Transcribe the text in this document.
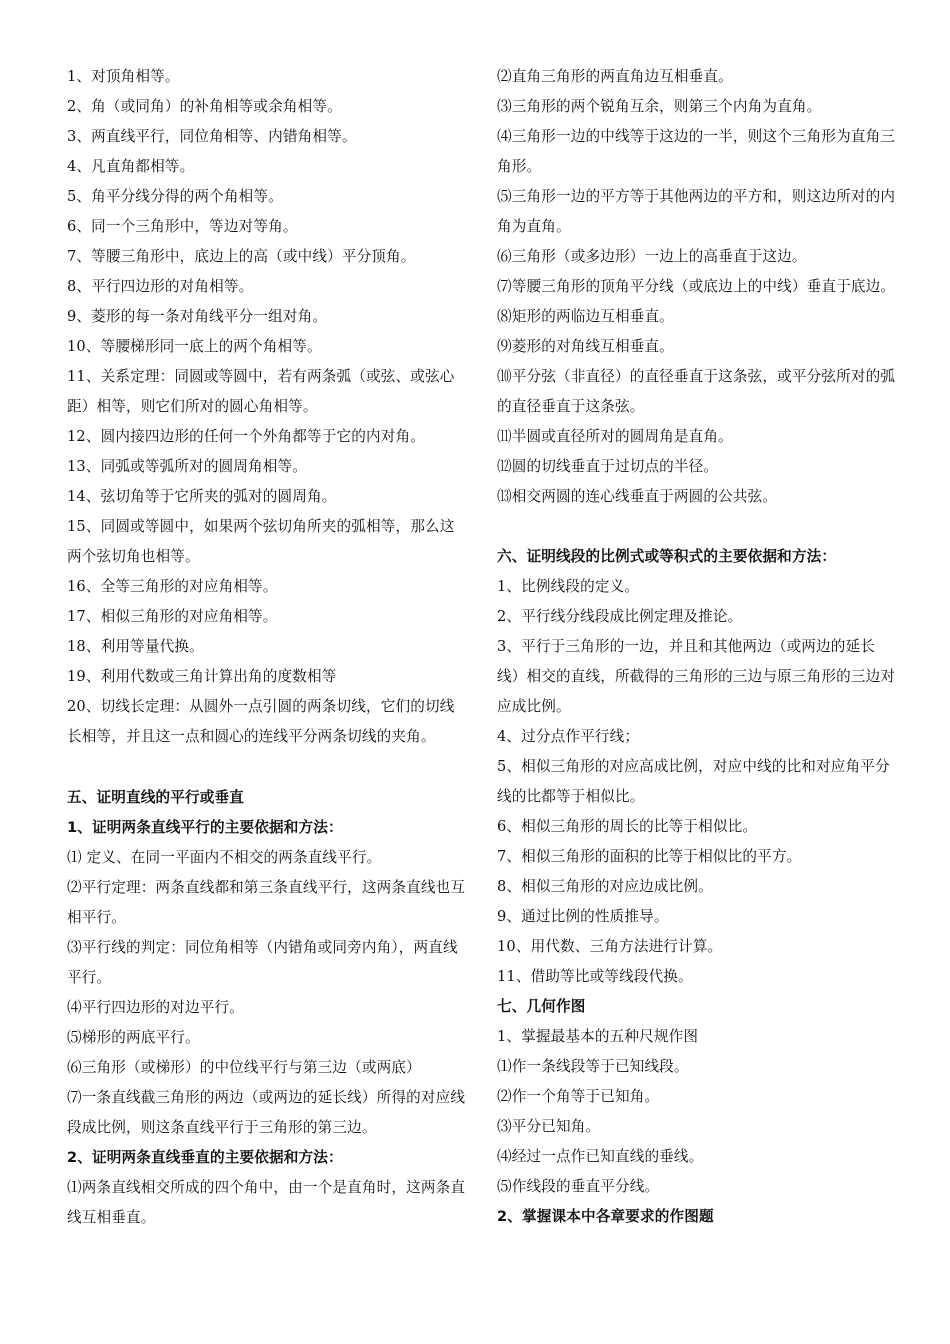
1、对顶角相等。

2、角（或同角）的补角相等或余角相等。

3、两直线平行，同位角相等、内错角相等。

4、凡直角都相等。

5、角平分线分得的两个角相等。

6、同一个三角形中，等边对等角。

7、等腰三角形中，底边上的高（或中线）平分顶角。

8、平行四边形的对角相等。

9、菱形的每一条对角线平分一组对角。

10、等腰梯形同一底上的两个角相等。

11、关系定理：同圆或等圆中，若有两条弧（或弦、或弦心距）相等，则它们所对的圆心角相等。

12、圆内接四边形的任何一个外角都等于它的内对角。

13、同弧或等弧所对的圆周角相等。

14、弦切角等于它所夹的弧对的圆周角。

15、同圆或等圆中，如果两个弦切角所夹的弧相等，那么这两个弦切角也相等。

16、全等三角形的对应角相等。

17、相似三角形的对应角相等。

18、利用等量代换。

19、利用代数或三角计算出角的度数相等

20、切线长定理：从圆外一点引圆的两条切线，它们的切线长相等，并且这一点和圆心的连线平分两条切线的夹角。

五、证明直线的平行或垂直

1、证明两条直线平行的主要依据和方法：

⑴ 定义、在同一平面内不相交的两条直线平行。

⑵平行定理：两条直线都和第三条直线平行，这两条直线也互相平行。

⑶平行线的判定：同位角相等（内错角或同旁内角），两直线平行。

⑷平行四边形的对边平行。

⑸梯形的两底平行。

⑹三角形（或梯形）的中位线平行与第三边（或两底）

⑺一条直线截三角形的两边（或两边的延长线）所得的对应线段成比例，则这条直线平行于三角形的第三边。

2、证明两条直线垂直的主要依据和方法：

⑴两条直线相交所成的四个角中，由一个是直角时，这两条直线互相垂直。

⑵直角三角形的两直角边互相垂直。

⑶三角形的两个锐角互余，则第三个内角为直角。

⑷三角形一边的中线等于这边的一半，则这个三角形为直角三角形。

⑸三角形一边的平方等于其他两边的平方和，则这边所对的内角为直角。

⑹三角形（或多边形）一边上的高垂直于这边。

⑺等腰三角形的顶角平分线（或底边上的中线）垂直于底边。

⑻矩形的两临边互相垂直。

⑼菱形的对角线互相垂直。

⑽平分弦（非直径）的直径垂直于这条弦，或平分弦所对的弧的直径垂直于这条弦。

⑾半圆或直径所对的圆周角是直角。

⑿圆的切线垂直于过切点的半径。

⒀相交两圆的连心线垂直于两圆的公共弦。

六、证明线段的比例式或等积式的主要依据和方法：

1、比例线段的定义。

2、平行线分线段成比例定理及推论。

3、平行于三角形的一边，并且和其他两边（或两边的延长线）相交的直线，所截得的三角形的三边与原三角形的三边对应成比例。

4、过分点作平行线；

5、相似三角形的对应高成比例，对应中线的比和对应角平分线的比都等于相似比。

6、相似三角形的周长的比等于相似比。

7、相似三角形的面积的比等于相似比的平方。

8、相似三角形的对应边成比例。

9、通过比例的性质推导。

10、用代数、三角方法进行计算。

11、借助等比或等线段代换。

七、几何作图

1、掌握最基本的五种尺规作图

⑴作一条线段等于已知线段。

⑵作一个角等于已知角。

⑶平分已知角。

⑷经过一点作已知直线的垂线。

⑸作线段的垂直平分线。

2、掌握课本中各章要求的作图题
